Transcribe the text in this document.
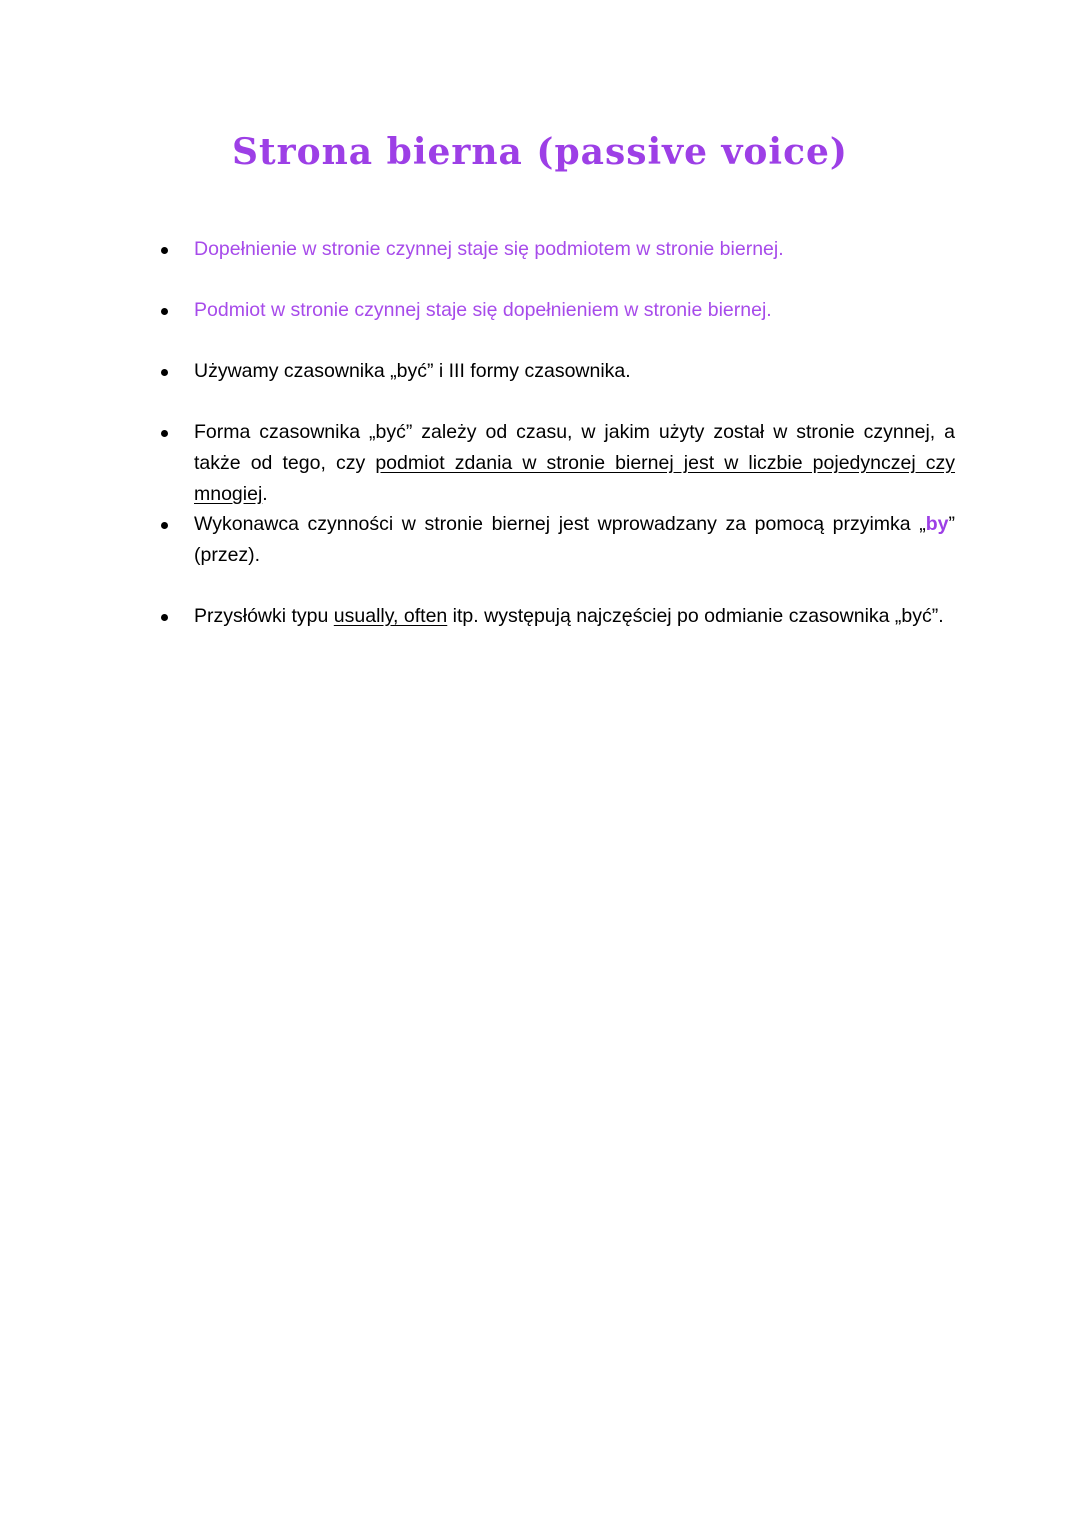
Strona bierna (passive voice)
Dopełnienie w stronie czynnej staje się podmiotem w stronie biernej.
Podmiot w stronie czynnej staje się dopełnieniem w stronie biernej.
Używamy czasownika „być” i III formy czasownika.
Forma czasownika „być” zależy od czasu, w jakim użyty został w stronie czynnej, a także od tego, czy podmiot zdania w stronie biernej jest w liczbie pojedynczej czy mnogiej.
Wykonawca czynności w stronie biernej jest wprowadzany za pomocą przyimka „by” (przez).
Przysłówki typu usually, often itp. występują najczęściej po odmianie czasownika „być”.
